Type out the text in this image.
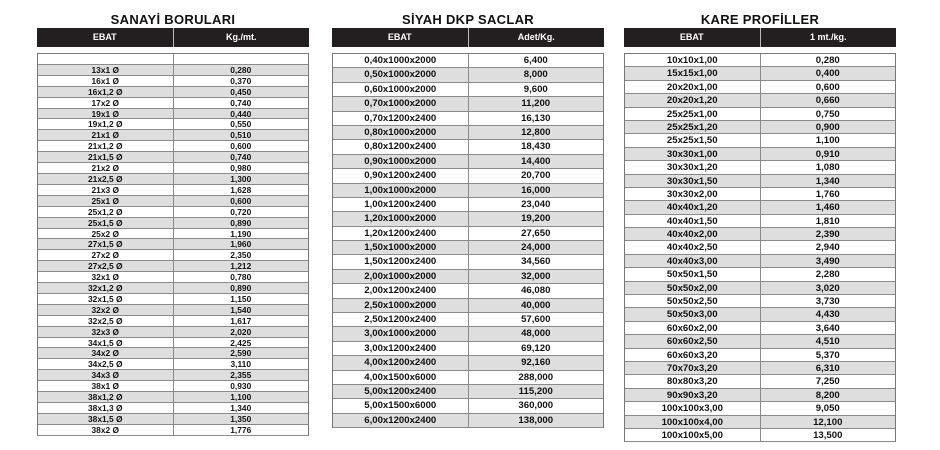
SANAYİ BORULARI
EBAT	Kg./mt.
13x1 Ø	0,280
16x1 Ø	0,370
16x1,2 Ø	0,450
17x2 Ø	0,740
19x1 Ø	0,440
19x1,2 Ø	0,550
21x1 Ø	0,510
21x1,2 Ø	0,600
21x1,5 Ø	0,740
21x2 Ø	0,980
21x2,5 Ø	1,300
21x3 Ø	1,628
25x1 Ø	0,600
25x1,2 Ø	0,720
25x1,5 Ø	0,890
25x2 Ø	1,190
27x1,5 Ø	1,960
27x2 Ø	2,350
27x2,5 Ø	1,212
32x1 Ø	0,780
32x1,2 Ø	0,890
32x1,5 Ø	1,150
32x2 Ø	1,540
32x2,5 Ø	1,617
32x3 Ø	2,020
34x1,5 Ø	2,425
34x2 Ø	2,590
34x2,5 Ø	3,110
34x3 Ø	2,355
38x1 Ø	0,930
38x1,2 Ø	1,100
38x1,3 Ø	1,340
38x1,5 Ø	1,350
38x2 Ø	1,776
SİYAH DKP SACLAR
EBAT	Adet/Kg.
0,40x1000x2000	6,400
0,50x1000x2000	8,000
0,60x1000x2000	9,600
0,70x1000x2000	11,200
0,70x1200x2400	16,130
0,80x1000x2000	12,800
0,80x1200x2400	18,430
0,90x1000x2000	14,400
0,90x1200x2400	20,700
1,00x1000x2000	16,000
1,00x1200x2400	23,040
1,20x1000x2000	19,200
1,20x1200x2400	27,650
1,50x1000x2000	24,000
1,50x1200x2400	34,560
2,00x1000x2000	32,000
2,00x1200x2400	46,080
2,50x1000x2000	40,000
2,50x1200x2400	57,600
3,00x1000x2000	48,000
3,00x1200x2400	69,120
4,00x1200x2400	92,160
4,00x1500x6000	288,000
5,00x1200x2400	115,200
5,00x1500x6000	360,000
6,00x1200x2400	138,000
KARE PROFİLLER
EBAT	1 mt./kg.
10x10x1,00	0,280
15x15x1,00	0,400
20x20x1,00	0,600
20x20x1,20	0,660
25x25x1,00	0,750
25x25x1,20	0,900
25x25x1,50	1,100
30x30x1,00	0,910
30x30x1,20	1,080
30x30x1,50	1,340
30x30x2,00	1,760
40x40x1,20	1,460
40x40x1,50	1,810
40x40x2,00	2,390
40x40x2,50	2,940
40x40x3,00	3,490
50x50x1,50	2,280
50x50x2,00	3,020
50x50x2,50	3,730
50x50x3,00	4,430
60x60x2,00	3,640
60x60x2,50	4,510
60x60x3,20	5,370
70x70x3,20	6,310
80x80x3,20	7,250
90x90x3,20	8,200
100x100x3,00	9,050
100x100x4,00	12,100
100x100x5,00	13,500
